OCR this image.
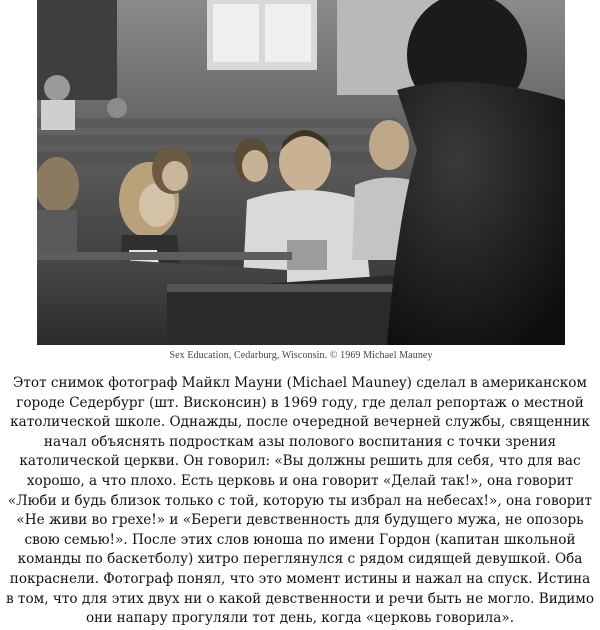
Sex Education, Cedarburg, Wisconsin. © 1969 Michael Mauney

Этот снимок фотограф Майкл Мауни (Michael Mauney) сделал в американском городе Седербург (шт. Висконсин) в 1969 году, где делал репортаж о местной католической школе. Однажды, после очередной вечерней службы, священник начал объяснять подросткам азы полового воспитания с точки зрения католической церкви. Он говорил: «Вы должны решить для себя, что для вас хорошо, а что плохо. Есть церковь и она говорит «Делай так!», она говорит «Люби и будь близок только с той, которую ты избрал на небесах!», она говорит «Не живи во грехе!» и «Береги девственность для будущего мужа, не опозорь свою семью!». После этих слов юноша по имени Гордон (капитан школьной команды по баскетболу) хитро переглянулся с рядом сидящей девушкой. Оба покраснели. Фотограф понял, что это момент истины и нажал на спуск. Истина в том, что для этих двух ни о какой девственности и речи быть не могло. Видимо они напару прогуляли тот день, когда «церковь говорила».
